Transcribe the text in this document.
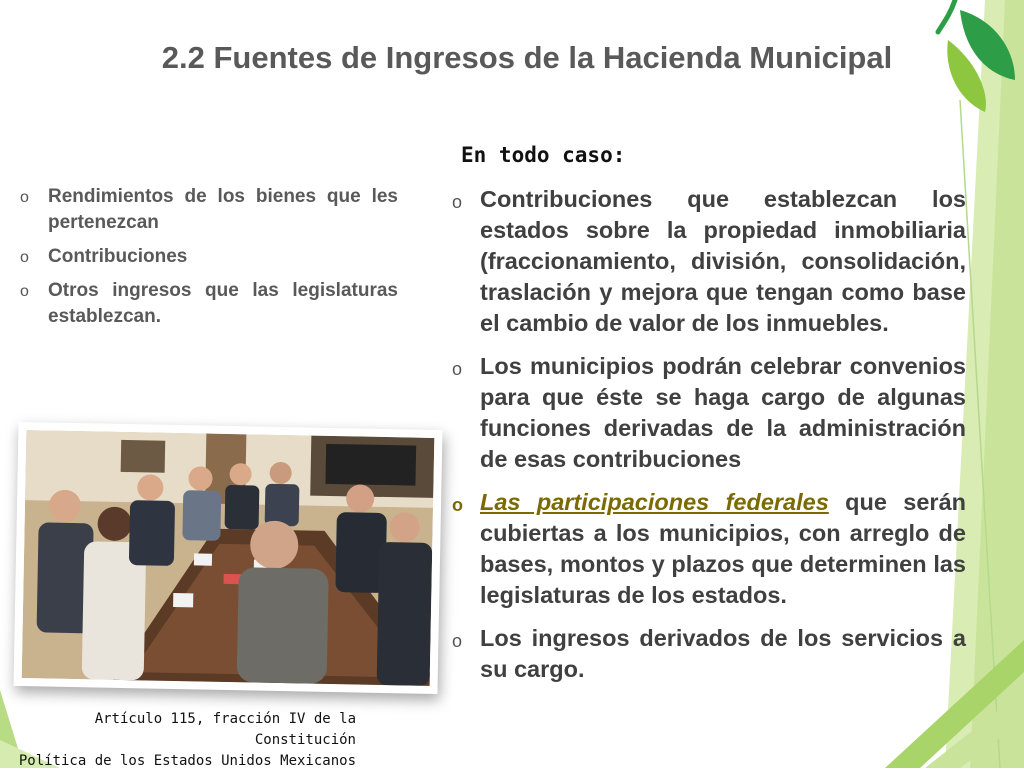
2.2 Fuentes de Ingresos de la Hacienda Municipal
En todo caso:
o Rendimientos de los bienes que les pertenezcan
o Contribuciones
o Otros ingresos que las legislaturas establezcan.
o Contribuciones que establezcan los estados sobre la propiedad inmobiliaria (fraccionamiento, división, consolidación, traslación y mejora que tengan como base el cambio de valor de los inmuebles.
o Los municipios podrán celebrar convenios para que éste se haga cargo de algunas funciones derivadas de la administración de esas contribuciones
o Las participaciones federales que serán cubiertas a los municipios, con arreglo de bases, montos y plazos que determinen las legislaturas de los estados.
o Los ingresos derivados de los servicios a su cargo.
Artículo 115, fracción IV de la Constitución
Política de los Estados Unidos Mexicanos
